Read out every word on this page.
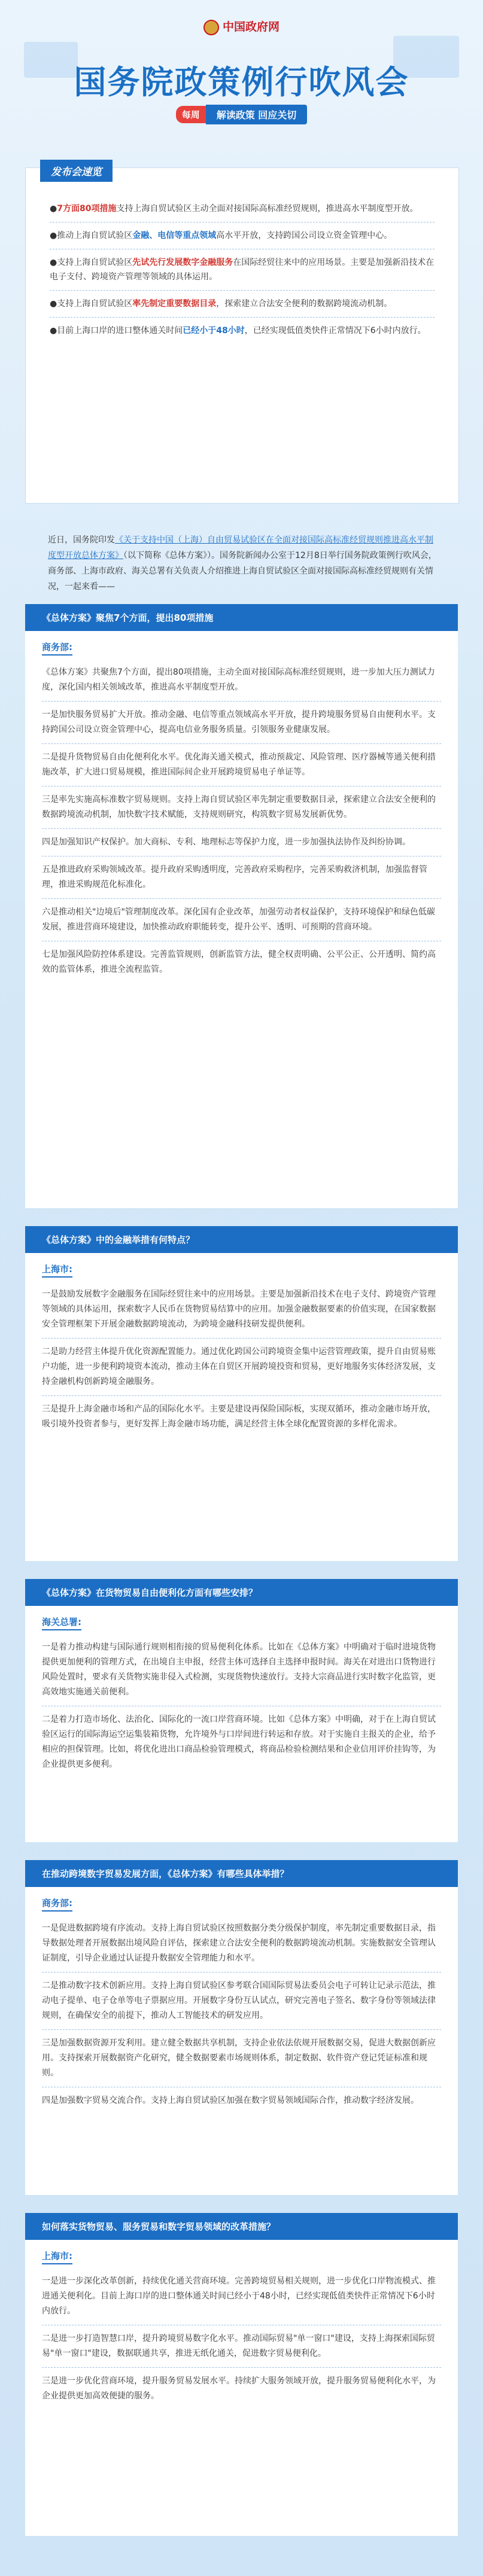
中国政府网
国务院政策例行吹风会
每周 解读政策 回应关切
发布会速览
●7方面80项措施支持上海自贸试验区主动全面对接国际高标准经贸规则，推进高水平制度型开放。
●推动上海自贸试验区金融、电信等重点领域高水平开放，支持跨国公司设立资金管理中心。
●支持上海自贸试验区先试先行发展数字金融服务在国际经贸往来中的应用场景。主要是加强新沿技术在电子支付、跨境资产管理等领域的具体运用。
●支持上海自贸试验区率先制定重要数据目录，探索建立合法安全便利的数据跨境流动机制。
●目前上海口岸的进口整体通关时间已经小于48小时，已经实现低值类快件正常情况下6小时内放行。
近日，国务院印发《关于支持中国（上海）自由贸易试验区在全面对接国际高标准经贸规则推进高水平制度型开放总体方案》（以下简称《总体方案》）。国务院新闻办公室于12月8日举行国务院政策例行吹风会，商务部、上海市政府、海关总署有关负责人介绍推进上海自贸试验区全面对接国际高标准经贸规则有关情况，一起来看——
《总体方案》聚焦7个方面，提出80项措施
商务部:
《总体方案》共聚焦7个方面，提出80项措施，主动全面对接国际高标准经贸规则，进一步加大压力测试力度，深化国内相关领域改革，推进高水平制度型开放。
一是加快服务贸易扩大开放。推动金融、电信等重点领域高水平开放，提升跨境服务贸易自由便利水平。支持跨国公司设立资金管理中心，提高电信业务服务质量。引领服务业健康发展。
二是提升货物贸易自由化便利化水平。优化海关通关模式，推动预裁定、风险管理、医疗器械等通关便利措施改革，扩大进口贸易规模，推进国际间企业开展跨境贸易电子单证等。
三是率先实施高标准数字贸易规则。支持上海自贸试验区率先制定重要数据目录，探索建立合法安全便利的数据跨境流动机制，加快数字技术赋能，支持规则研究，构筑数字贸易发展新优势。
四是加强知识产权保护。加大商标、专利、地理标志等保护力度，进一步加强执法协作及纠纷协调。
五是推进政府采购领域改革。提升政府采购透明度，完善政府采购程序，完善采购救济机制，加强监督管理，推进采购规范化标准化。
六是推动相关"边境后"管理制度改革。深化国有企业改革，加强劳动者权益保护，支持环境保护和绿色低碳发展，推进营商环境建设，加快推动政府职能转变，提升公平、透明、可预期的营商环境。
七是加强风险防控体系建设。完善监管规则，创新监管方法，健全权责明确、公平公正、公开透明、简约高效的监管体系，推进全流程监管。
《总体方案》中的金融举措有何特点？
上海市:
一是鼓励发展数字金融服务在国际经贸往来中的应用场景。主要是加强新沿技术在电子支付、跨境资产管理等领域的具体运用，探索数字人民币在货物贸易结算中的应用。加强金融数据要素的价值实现，在国家数据安全管理框架下开展金融数据跨境流动，为跨境金融科技研发提供便利。
二是助力经营主体提升优化资源配置能力。通过优化跨国公司跨境资金集中运营管理政策，提升自由贸易账户功能，进一步便利跨境资本流动，推动主体在自贸区开展跨境投资和贸易，更好地服务实体经济发展，支持金融机构创新跨境金融服务。
三是提升上海金融市场和产品的国际化水平。主要是建设再保险国际板，实现双循环，推动金融市场开放，吸引境外投资者参与，更好发挥上海金融市场功能，满足经营主体全球化配置资源的多样化需求。
《总体方案》在货物贸易自由便利化方面有哪些安排？
海关总署:
一是着力推动构建与国际通行规则相衔接的贸易便利化体系。比如在《总体方案》中明确对于临时进境货物提供更加便利的管理方式，在出境自主申报，经营主体可选择自主选择申报时间。海关在对进出口货物进行风险处置时，要求有关货物实施非侵入式检测，实现货物快速放行。支持大宗商品进行实时数字化监管，更高效地实施通关前便利。
二是着力打造市场化、法治化、国际化的一流口岸营商环境。比如《总体方案》中明确，对于在上海自贸试验区运行的国际海运空运集装箱货物，允许境外与口岸间进行转运和存放。对于实施自主报关的企业，给予相应的担保管理。比如，将优化进出口商品检验管理模式，将商品检验检测结果和企业信用评价挂钩等，为企业提供更多便利。
在推动跨境数字贸易发展方面，《总体方案》有哪些具体举措？
商务部:
一是促进数据跨境有序流动。支持上海自贸试验区按照数据分类分级保护制度，率先制定重要数据目录，指导数据处理者开展数据出境风险自评估，探索建立合法安全便利的数据跨境流动机制。实施数据安全管理认证制度，引导企业通过认证提升数据安全管理能力和水平。
二是推动数字技术创新应用。支持上海自贸试验区参考联合国国际贸易法委员会电子可转让记录示范法，推动电子提单、电子仓单等电子票据应用。开展数字身份互认试点，研究完善电子签名、数字身份等领域法律规则，在确保安全的前提下，推动人工智能技术的研发应用。
三是加强数据资源开发利用。建立健全数据共享机制，支持企业依法依规开展数据交易，促进大数据创新应用。支持探索开展数据资产化研究，健全数据要素市场规则体系，制定数据、软件资产登记凭证标准和规则。
四是加强数字贸易交流合作。支持上海自贸试验区加强在数字贸易领域国际合作，推动数字经济发展。
如何落实货物贸易、服务贸易和数字贸易领域的改革措施？
上海市:
一是进一步深化改革创新，持续优化通关营商环境。完善跨境贸易相关规则，进一步优化口岸物流模式、推进通关便利化。目前上海口岸的进口整体通关时间已经小于48小时，已经实现低值类快件正常情况下6小时内放行。
二是进一步打造智慧口岸，提升跨境贸易数字化水平。推动国际贸易"单一窗口"建设，支持上海探索国际贸易"单一窗口"建设，数据联通共享，推进无纸化通关，促进数字贸易便利化。
三是进一步优化营商环境，提升服务贸易发展水平。持续扩大服务领域开放，提升服务贸易便利化水平，为企业提供更加高效便捷的服务。
